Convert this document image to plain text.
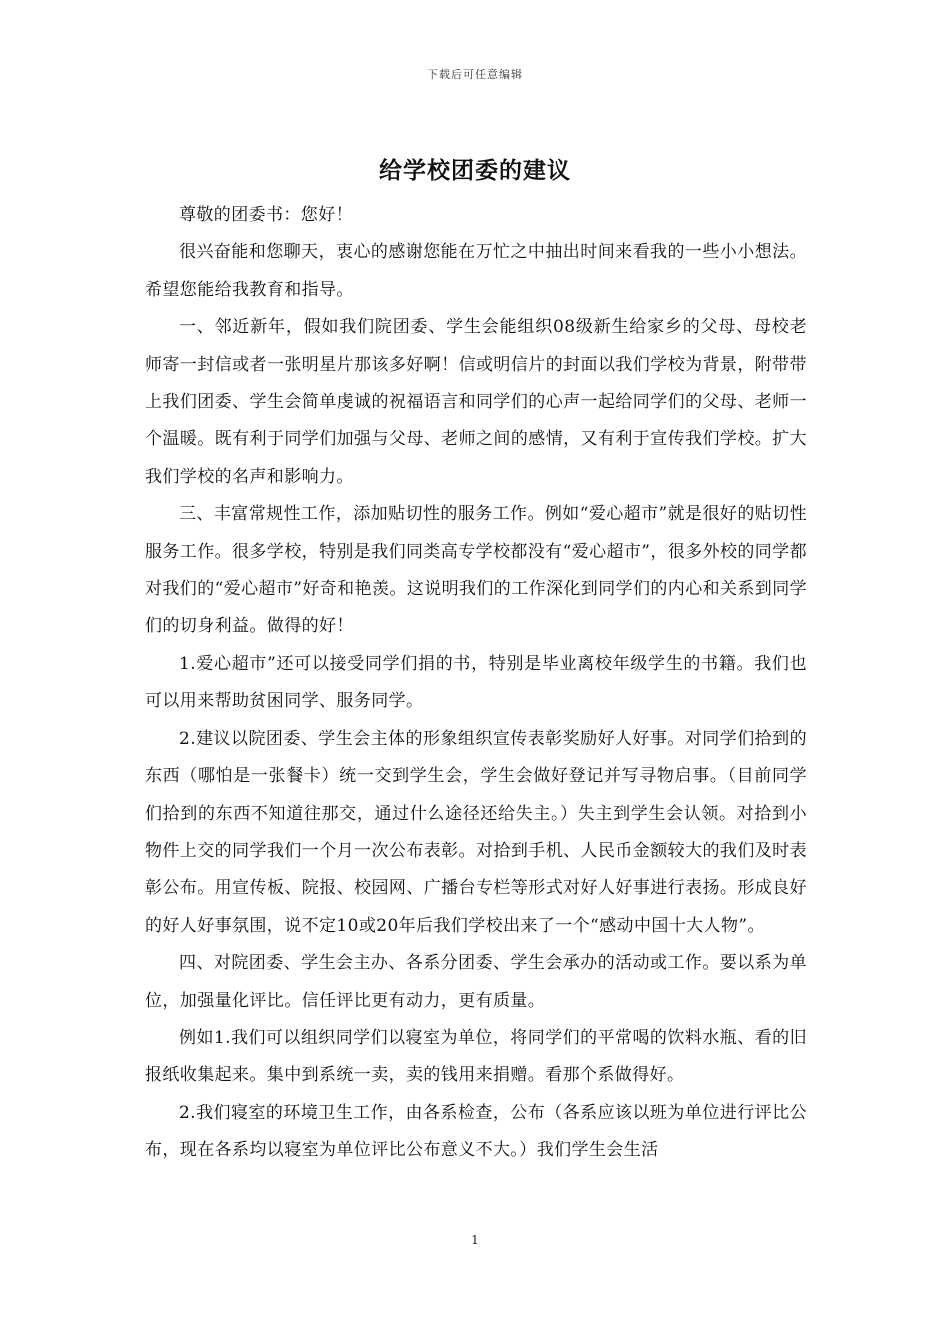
下载后可任意编辑
给学校团委的建议

尊敬的团委书：您好！

很兴奋能和您聊天，衷心的感谢您能在万忙之中抽出时间来看我的一些小小想法。希望您能给我教育和指导。

一、邻近新年，假如我们院团委、学生会能组织08级新生给家乡的父母、母校老师寄一封信或者一张明星片那该多好啊！信或明信片的封面以我们学校为背景，附带带上我们团委、学生会简单虔诚的祝福语言和同学们的心声一起给同学们的父母、老师一个温暖。既有利于同学们加强与父母、老师之间的感情，又有利于宣传我们学校。扩大我们学校的名声和影响力。

三、丰富常规性工作，添加贴切性的服务工作。例如“爱心超市”就是很好的贴切性服务工作。很多学校，特别是我们同类高专学校都没有“爱心超市”，很多外校的同学都对我们的“爱心超市”好奇和艳羡。这说明我们的工作深化到同学们的内心和关系到同学们的切身利益。做得的好！

1.爱心超市”还可以接受同学们捐的书，特别是毕业离校年级学生的书籍。我们也可以用来帮助贫困同学、服务同学。

2.建议以院团委、学生会主体的形象组织宣传表彰奖励好人好事。对同学们拾到的东西（哪怕是一张餐卡）统一交到学生会，学生会做好登记并写寻物启事。（目前同学们拾到的东西不知道往那交，通过什么途径还给失主。）失主到学生会认领。对拾到小物件上交的同学我们一个月一次公布表彰。对拾到手机、人民币金额较大的我们及时表彰公布。用宣传板、院报、校园网、广播台专栏等形式对好人好事进行表扬。形成良好的好人好事氛围，说不定10或20年后我们学校出来了一个“感动中国十大人物”。

四、对院团委、学生会主办、各系分团委、学生会承办的活动或工作。要以系为单位，加强量化评比。信任评比更有动力，更有质量。

例如1.我们可以组织同学们以寝室为单位，将同学们的平常喝的饮料水瓶、看的旧报纸收集起来。集中到系统一卖，卖的钱用来捐赠。看那个系做得好。

2.我们寝室的环境卫生工作，由各系检查，公布（各系应该以班为单位进行评比公布，现在各系均以寝室为单位评比公布意义不大。）我们学生会生活

1
